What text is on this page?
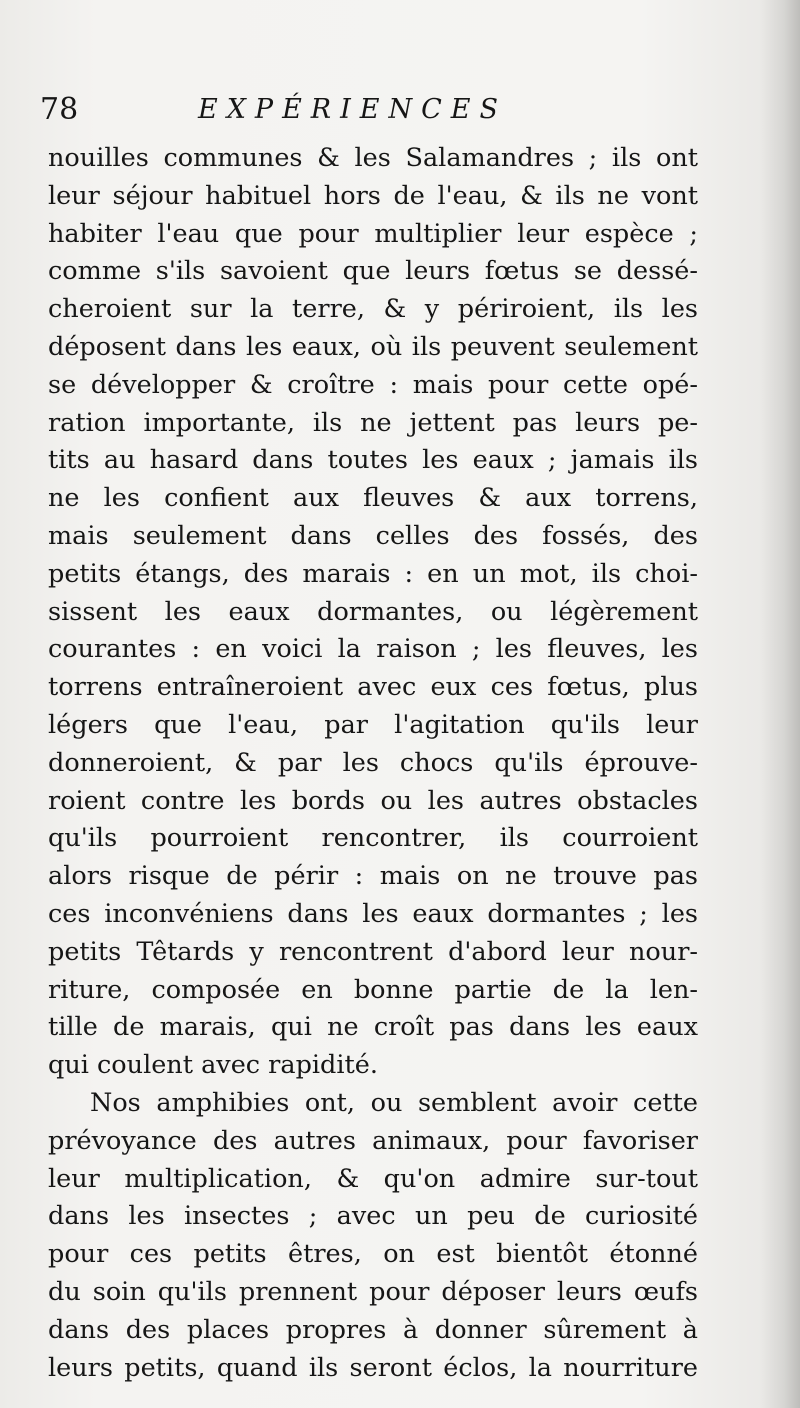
78	EXPÉRIENCES
nouilles communes & les Salamandres ; ils ont
leur séjour habituel hors de l'eau, & ils ne vont
habiter l'eau que pour multiplier leur espèce ;
comme s'ils savoient que leurs fœtus se dessé-
cheroient sur la terre, & y périroient, ils les
déposent dans les eaux, où ils peuvent seulement
se développer & croître : mais pour cette opé-
ration importante, ils ne jettent pas leurs pe-
tits au hasard dans toutes les eaux ; jamais ils
ne les confient aux fleuves & aux torrens,
mais seulement dans celles des fossés, des
petits étangs, des marais : en un mot, ils choi-
sissent les eaux dormantes, ou légèrement
courantes : en voici la raison ; les fleuves, les
torrens entraîneroient avec eux ces fœtus, plus
légers que l'eau, par l'agitation qu'ils leur
donneroient, & par les chocs qu'ils éprouve-
roient contre les bords ou les autres obstacles
qu'ils pourroient rencontrer, ils courroient
alors risque de périr : mais on ne trouve pas
ces inconvéniens dans les eaux dormantes ; les
petits Têtards y rencontrent d'abord leur nour-
riture, composée en bonne partie de la len-
tille de marais, qui ne croît pas dans les eaux
qui coulent avec rapidité.
Nos amphibies ont, ou semblent avoir cette
prévoyance des autres animaux, pour favoriser
leur multiplication, & qu'on admire sur-tout
dans les insectes ; avec un peu de curiosité
pour ces petits êtres, on est bientôt étonné
du soin qu'ils prennent pour déposer leurs œufs
dans des places propres à donner sûrement à
leurs petits, quand ils seront éclos, la nourriture
